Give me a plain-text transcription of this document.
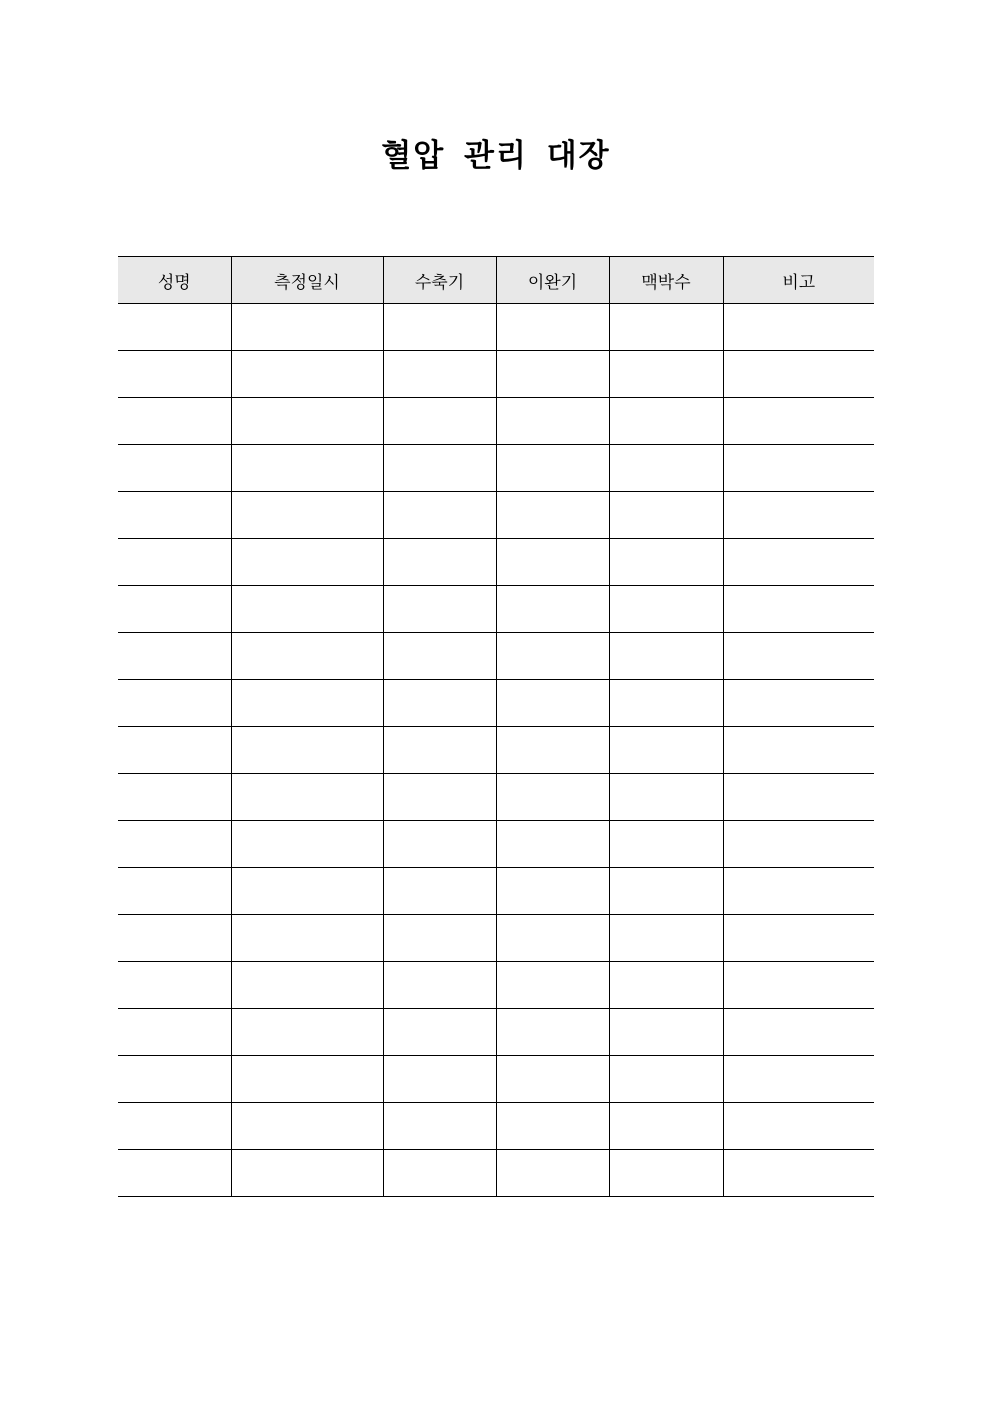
혈압 관리 대장
성명	측정일시	수축기	이완기	맥박수	비고
